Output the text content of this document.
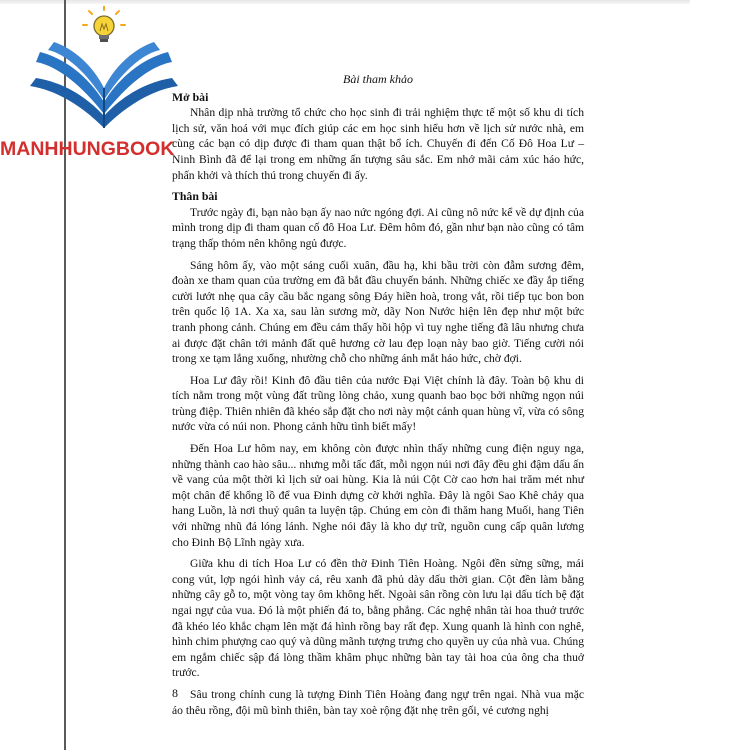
Bài tham khảo

Mở bài

Nhân dịp nhà trường tổ chức cho học sinh đi trải nghiệm thực tế một số khu di tích lịch sử, văn hoá với mục đích giúp các em học sinh hiểu hơn về lịch sử nước nhà, em cùng các bạn có dịp được đi tham quan thật bổ ích. Chuyến đi đến Cố Đô Hoa Lư – Ninh Bình đã để lại trong em những ấn tượng sâu sắc. Em nhớ mãi cảm xúc háo hức, phấn khởi và thích thú trong chuyến đi ấy.

Thân bài

Trước ngày đi, bạn nào bạn ấy nao nức ngóng đợi. Ai cũng nô nức kể về dự định của mình trong dịp đi tham quan cố đô Hoa Lư. Đêm hôm đó, gần như bạn nào cũng có tâm trạng thấp thỏm nên không ngủ được.

Sáng hôm ấy, vào một sáng cuối xuân, đầu hạ, khi bầu trời còn đẫm sương đêm, đoàn xe tham quan của trường em đã bắt đầu chuyến bánh. Những chiếc xe đầy ắp tiếng cười lướt nhẹ qua cây cầu bắc ngang sông Đáy hiền hoà, trong vắt, rồi tiếp tục bon bon trên quốc lộ 1A. Xa xa, sau làn sương mờ, dãy Non Nước hiện lên đẹp như một bức tranh phong cảnh. Chúng em đều cảm thấy hồi hộp vì tuy nghe tiếng đã lâu nhưng chưa ai được đặt chân tới mảnh đất quê hương cờ lau đẹp loạn này bao giờ. Tiếng cười nói trong xe tạm lắng xuống, nhường chỗ cho những ánh mắt háo hức, chờ đợi.

Hoa Lư đây rồi! Kinh đô đầu tiên của nước Đại Việt chính là đây. Toàn bộ khu di tích nằm trong một vùng đất trũng lòng chảo, xung quanh bao bọc bởi những ngọn núi trùng điệp. Thiên nhiên đã khéo sắp đặt cho nơi này một cảnh quan hùng vĩ, vừa có sông nước vừa có núi non. Phong cảnh hữu tình biết mấy!

Đến Hoa Lư hôm nay, em không còn được nhìn thấy những cung điện nguy nga, những thành cao hào sâu... nhưng mỗi tấc đất, mỗi ngọn núi nơi đây đều ghi đậm dấu ấn về vang của một thời kì lịch sử oai hùng. Kia là núi Cột Cờ cao hơn hai trăm mét như một chân đế khổng lồ để vua Đinh dựng cờ khởi nghĩa. Đây là ngôi Sao Khê chảy qua hang Luồn, là nơi thuỷ quân ta luyện tập. Chúng em còn đi thăm hang Muối, hang Tiên với những nhũ đá lóng lánh. Nghe nói đây là kho dự trữ, nguồn cung cấp quân lương cho Đinh Bộ Lĩnh ngày xưa.

Giữa khu di tích Hoa Lư có đền thờ Đinh Tiên Hoàng. Ngôi đền sừng sững, mái cong vút, lợp ngói hình vảy cá, rêu xanh đã phủ dày dấu thời gian. Cột đền làm bằng những cây gỗ to, một vòng tay ôm không hết. Ngoài sân rồng còn lưu lại dấu tích bệ đặt ngai ngự của vua. Đó là một phiến đá to, bằng phẳng. Các nghệ nhân tài hoa thuở trước đã khéo léo khắc chạm lên mặt đá hình rồng bay rất đẹp. Xung quanh là hình con nghê, hình chim phượng cao quý và dũng mãnh tượng trưng cho quyền uy của nhà vua. Chúng em ngắm chiếc sập đá lòng thầm khâm phục những bàn tay tài hoa của ông cha thuở trước.

Sâu trong chính cung là tượng Đinh Tiên Hoàng đang ngự trên ngai. Nhà vua mặc áo thêu rồng, đội mũ bình thiên, bàn tay xoè rộng đặt nhẹ trên gối, vẻ cương nghị

8
MANHHUNGBOOK
